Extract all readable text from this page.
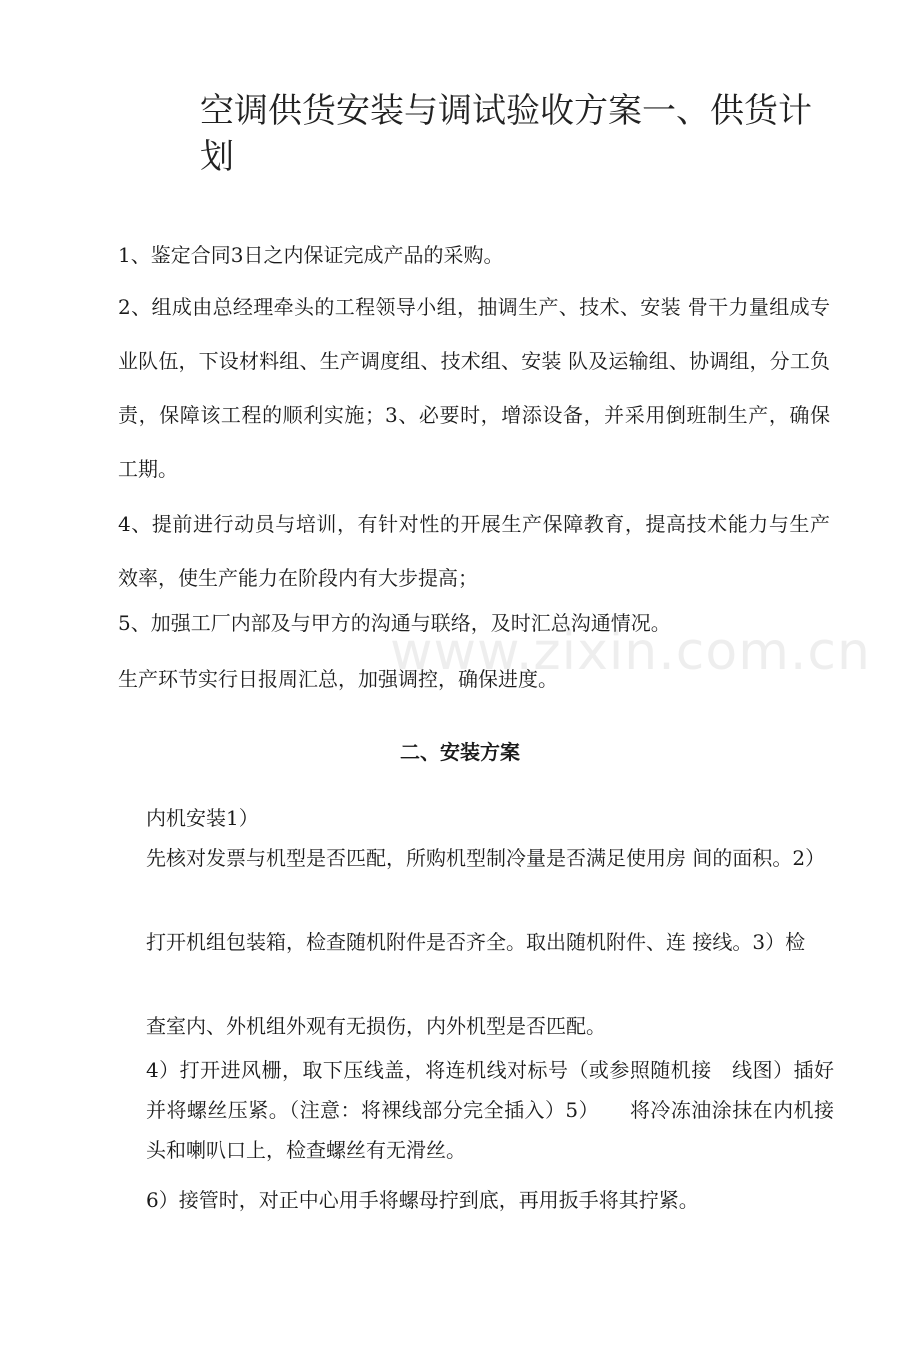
空调供货安装与调试验收方案一、供货计划

1、鉴定合同3日之内保证完成产品的采购。

2、组成由总经理牵头的工程领导小组，抽调生产、技术、安装 骨干力量组成专业队伍，下设材料组、生产调度组、技术组、安装 队及运输组、协调组，分工负责，保障该工程的顺利实施；3、必要时，增添设备，并采用倒班制生产，确保工期。

4、提前进行动员与培训，有针对性的开展生产保障教育，提高技术能力与生产效率，使生产能力在阶段内有大步提高；

5、加强工厂内部及与甲方的沟通与联络，及时汇总沟通情况。

生产环节实行日报周汇总，加强调控，确保进度。

www.zixin.com.cn
二、安装方案

内机安装1）

先核对发票与机型是否匹配，所购机型制冷量是否满足使用房 间的面积。2）

打开机组包装箱，检查随机附件是否齐全。取出随机附件、连 接线。3）检

查室内、外机组外观有无损伤，内外机型是否匹配。

4）打开进风栅，取下压线盖，将连机线对标号（或参照随机接　线图）插好并将螺丝压紧。（注意：将裸线部分完全插入）5）　　将冷冻油涂抹在内机接头和喇叭口上，检查螺丝有无滑丝。

6）接管时，对正中心用手将螺母拧到底，再用扳手将其拧紧。
